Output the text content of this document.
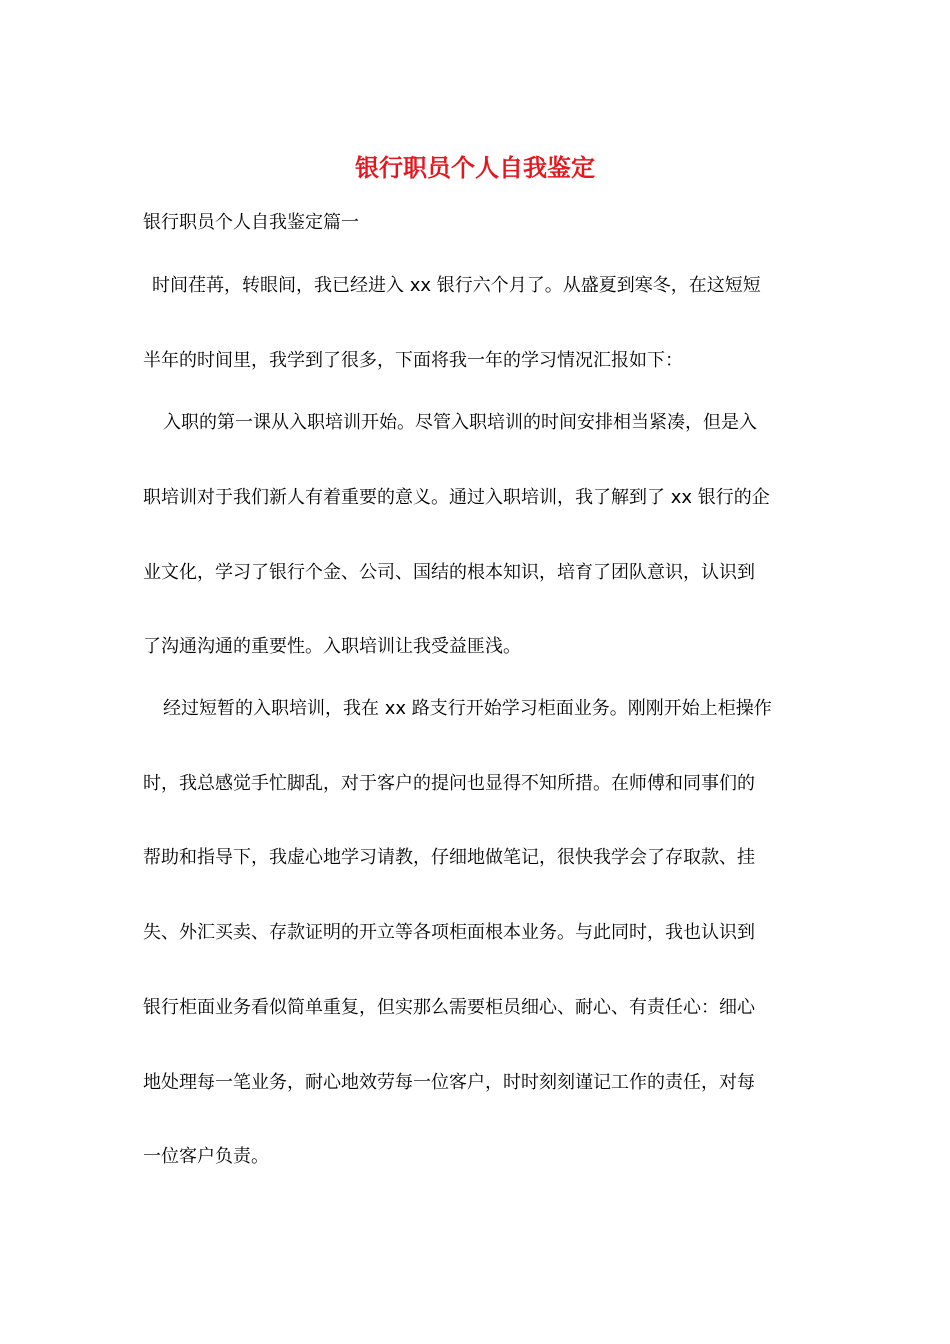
银行职员个人自我鉴定
银行职员个人自我鉴定篇一
时间荏苒，转眼间，我已经进入 xx 银行六个月了。从盛夏到寒冬，在这短短
半年的时间里，我学到了很多，下面将我一年的学习情况汇报如下：
入职的第一课从入职培训开始。尽管入职培训的时间安排相当紧凑，但是入
职培训对于我们新人有着重要的意义。通过入职培训，我了解到了 xx 银行的企
业文化，学习了银行个金、公司、国结的根本知识，培育了团队意识，认识到
了沟通沟通的重要性。入职培训让我受益匪浅。
经过短暂的入职培训，我在 xx 路支行开始学习柜面业务。刚刚开始上柜操作
时，我总感觉手忙脚乱，对于客户的提问也显得不知所措。在师傅和同事们的
帮助和指导下，我虚心地学习请教，仔细地做笔记，很快我学会了存取款、挂
失、外汇买卖、存款证明的开立等各项柜面根本业务。与此同时，我也认识到
银行柜面业务看似简单重复，但实那么需要柜员细心、耐心、有责任心：细心
地处理每一笔业务，耐心地效劳每一位客户，时时刻刻谨记工作的责任，对每
一位客户负责。
